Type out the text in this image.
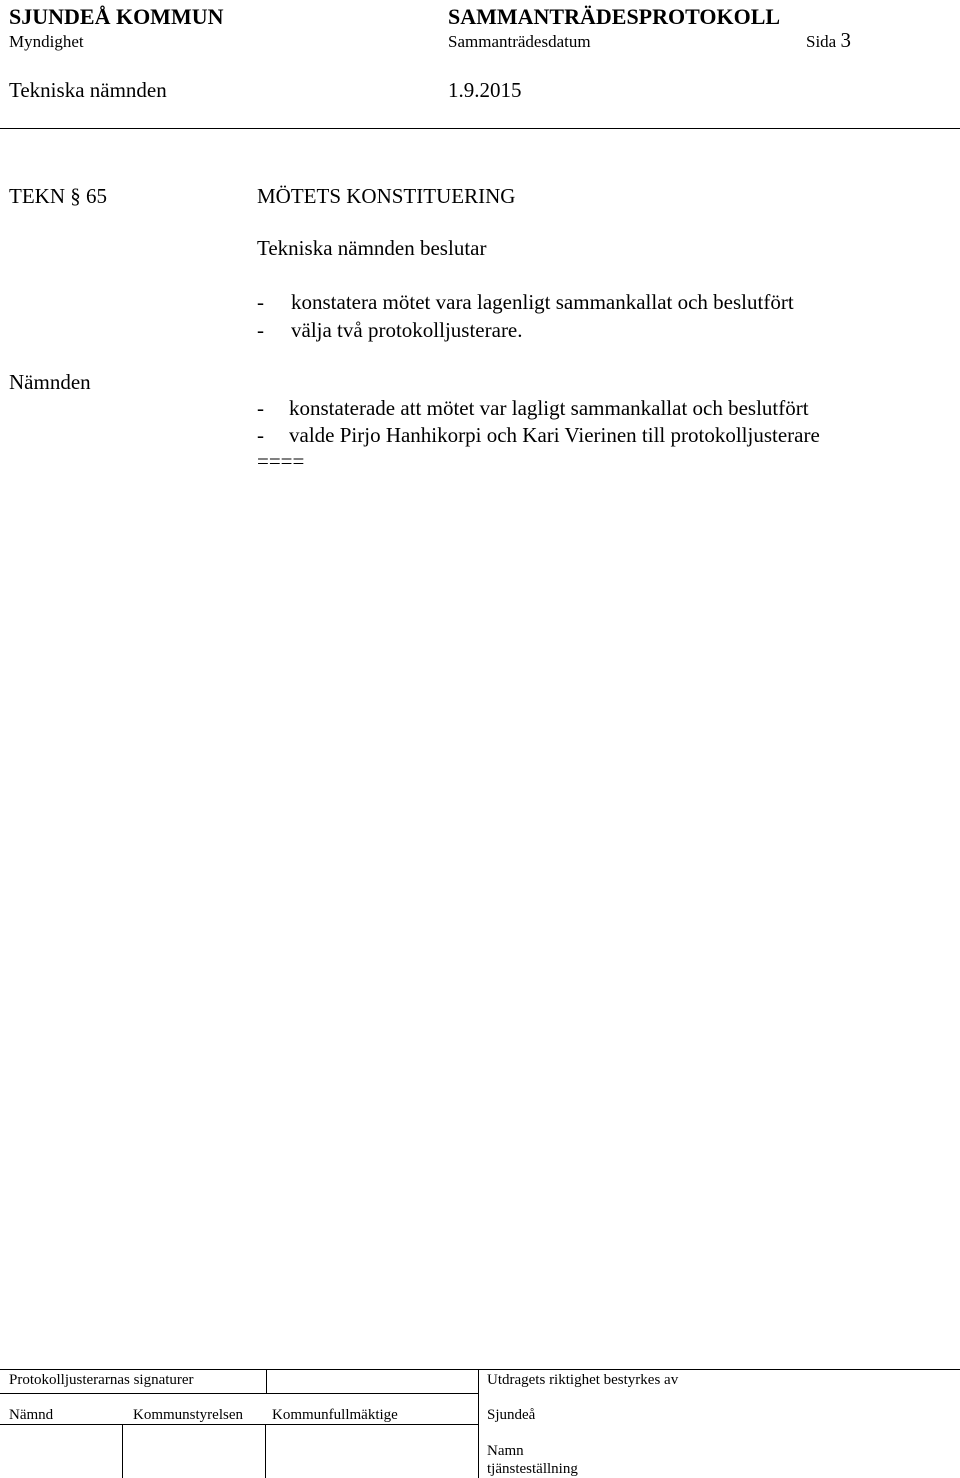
SJUNDEÅ KOMMUN	SAMMANTRÄDESPROTOKOLL
Myndighet	Sammanträdesdatum	Sida 3
Tekniska nämnden	1.9.2015
TEKN § 65	MÖTETS KONSTITUERING
Tekniska nämnden beslutar
- konstatera mötet vara lagenligt sammankallat och beslutfört
- välja två protokolljusterare.
Nämnden
- konstaterade att mötet var lagligt sammankallat och beslutfört
- valde Pirjo Hanhikorpi och Kari Vierinen till protokolljusterare
====
Protokolljusterarnas signaturer	Utdragets riktighet bestyrkes av
Nämnd	Kommunstyrelsen Kommunfullmäktige	Sjundeå
Namn
tjänsteställning
